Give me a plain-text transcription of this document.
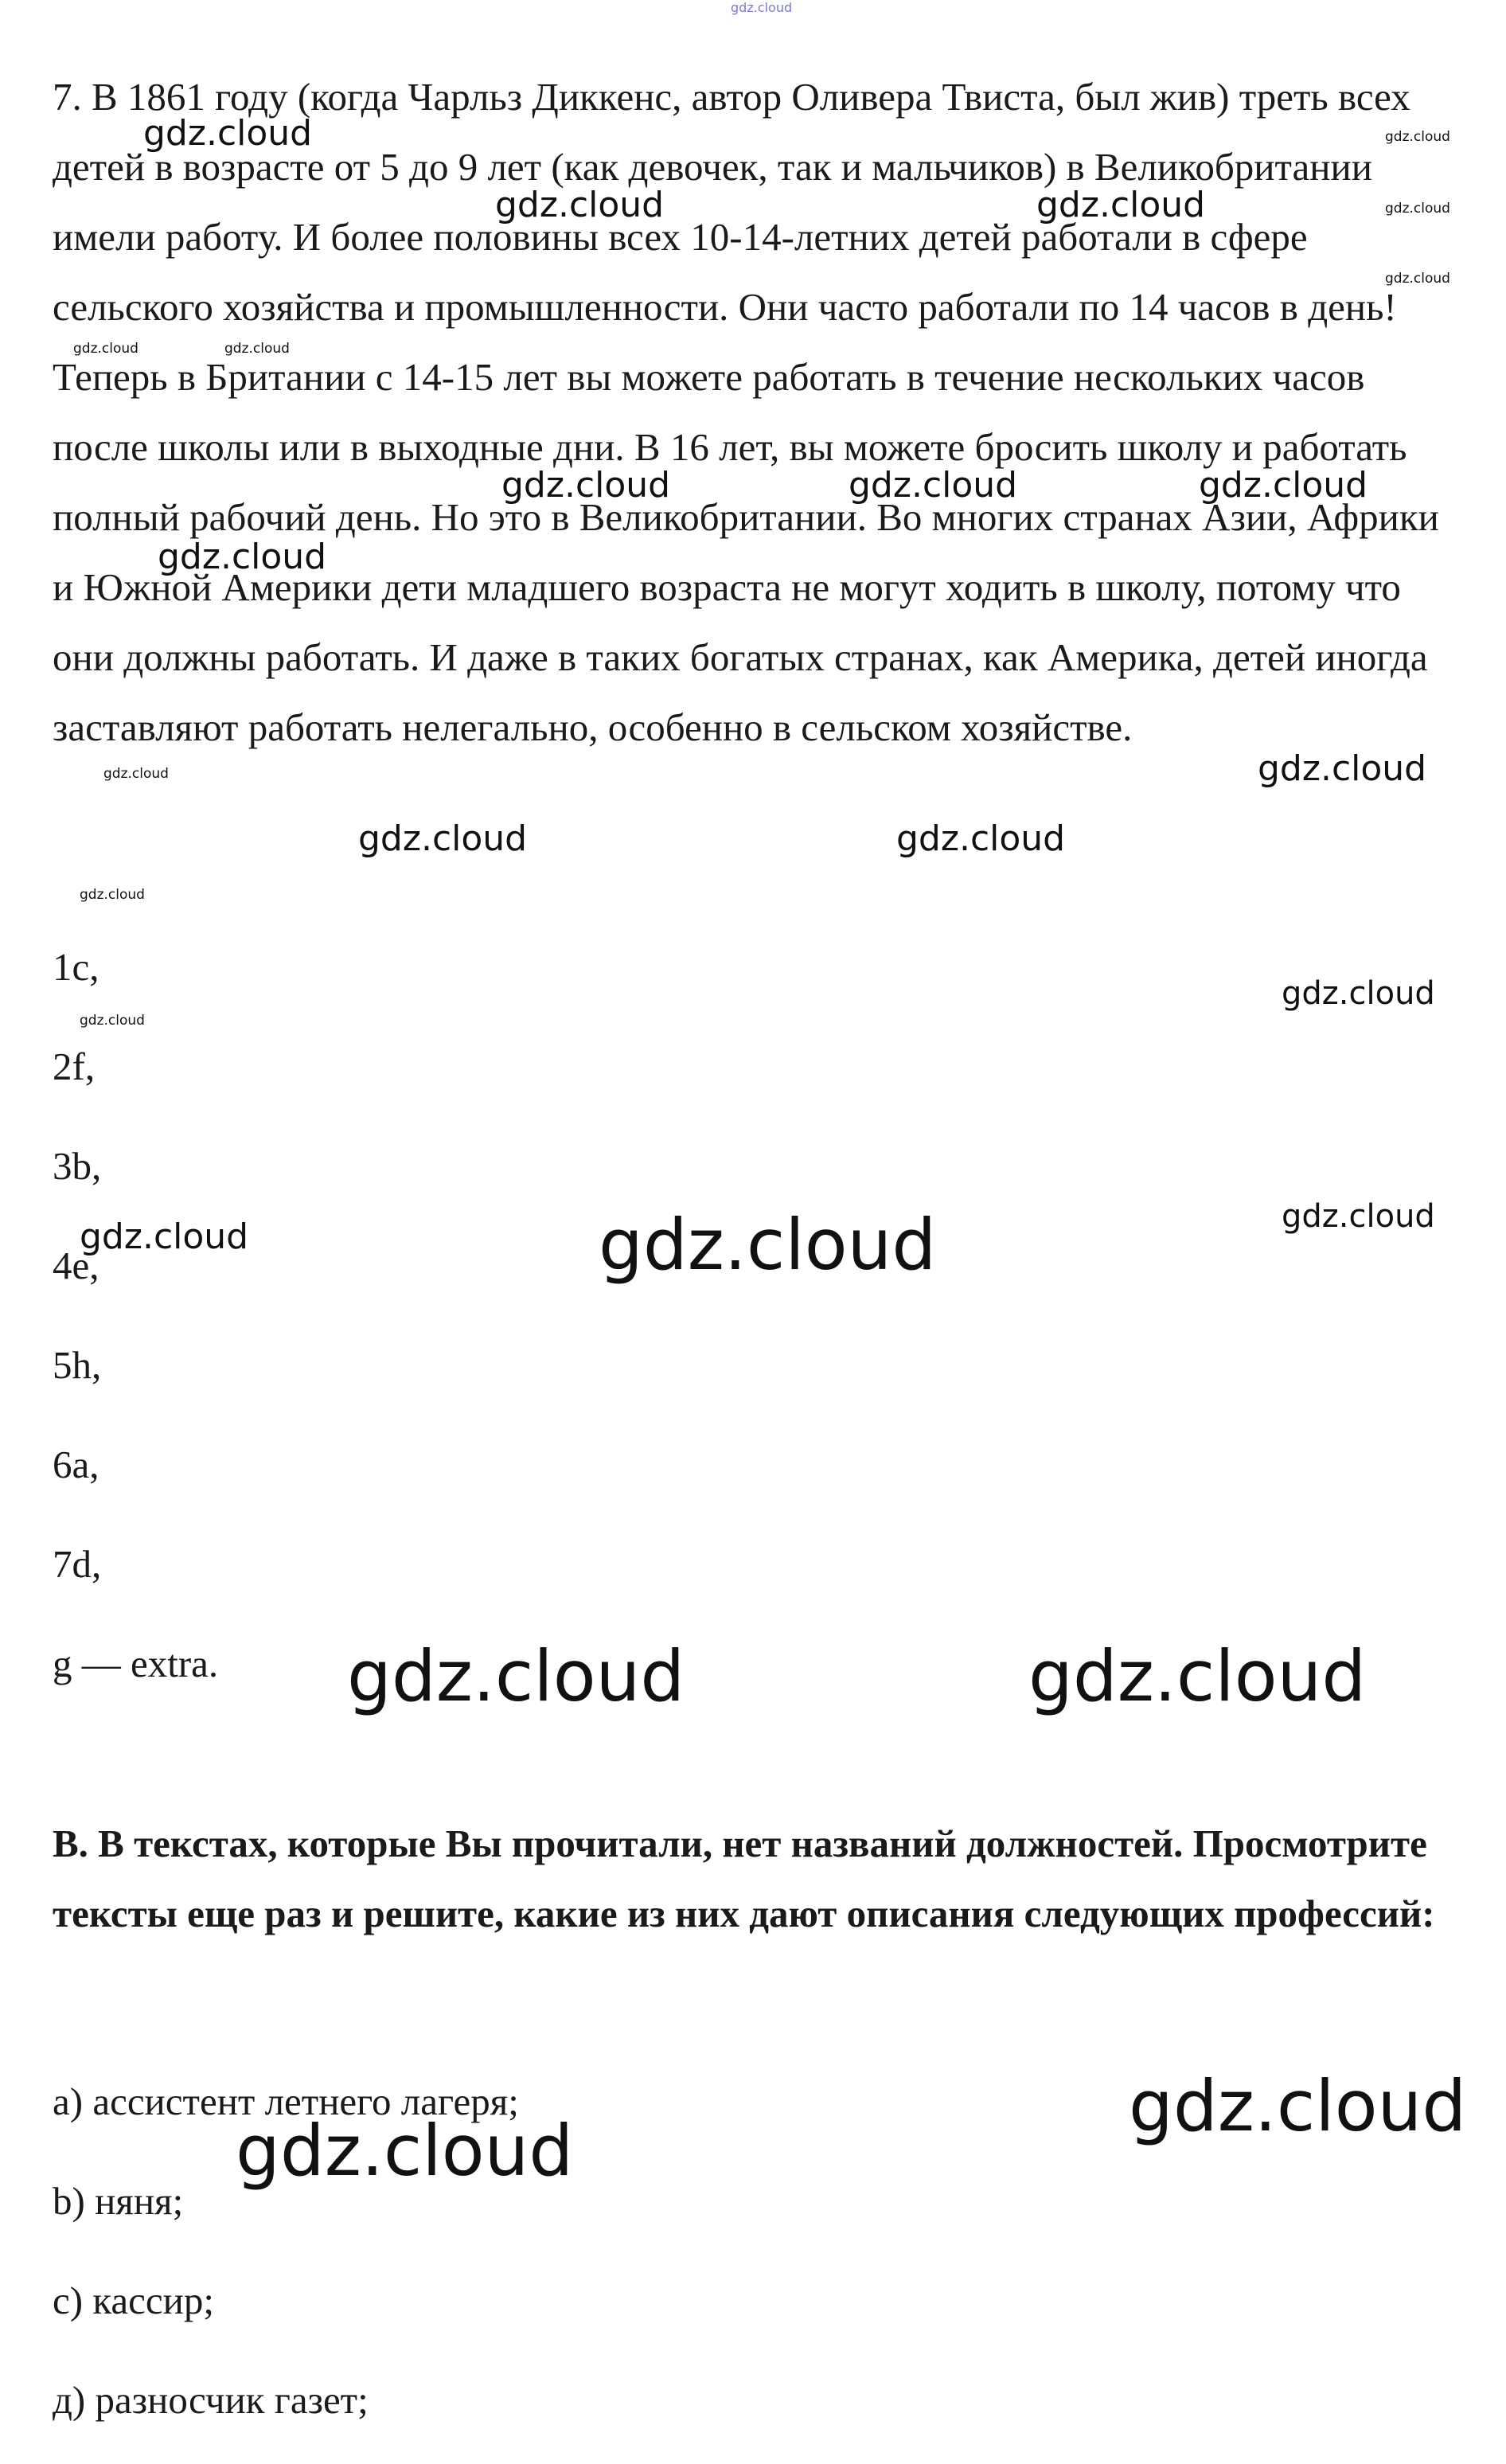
7. В 1861 году (когда Чарльз Диккенс, автор Оливера Твиста, был жив) треть всех детей в возрасте от 5 до 9 лет (как девочек, так и мальчиков) в Великобритании имели работу. И более половины всех 10-14-летних детей работали в сфере сельского хозяйства и промышленности. Они часто работали по 14 часов в день! Теперь в Британии с 14-15 лет вы можете работать в течение нескольких часов после школы или в выходные дни. В 16 лет, вы можете бросить школу и работать полный рабочий день. Но это в Великобритании. Во многих странах Азии, Африки и Южной Америки дети младшего возраста не могут ходить в школу, потому что они должны работать. И даже в таких богатых странах, как Америка, детей иногда заставляют работать нелегально, особенно в сельском хозяйстве.

1c,

2f,

3b,

4e,

5h,

6a,

7d,

g — extra.

B. В текстах, которые Вы прочитали, нет названий должностей. Просмотрите тексты еще раз и решите, какие из них дают описания следующих профессий:

a) ассистент летнего лагеря;

b) няня;

c) кассир;

д) разносчик газет;

gdz.cloud
gdz.cloud	gdz.cloud
gdz.cloud	gdz.cloud	gdz.cloud
gdz.cloud
gdz.cloud	gdz.cloud
gdz.cloud	gdz.cloud	gdz.cloud
gdz.cloud
gdz.cloud	gdz.cloud
gdz.cloud	gdz.cloud
gdz.cloud
gdz.cloud
gdz.cloud
gdz.cloud
gdz.cloud	gdz.cloud
gdz.cloud	gdz.cloud
gdz.cloud
gdz.cloud
